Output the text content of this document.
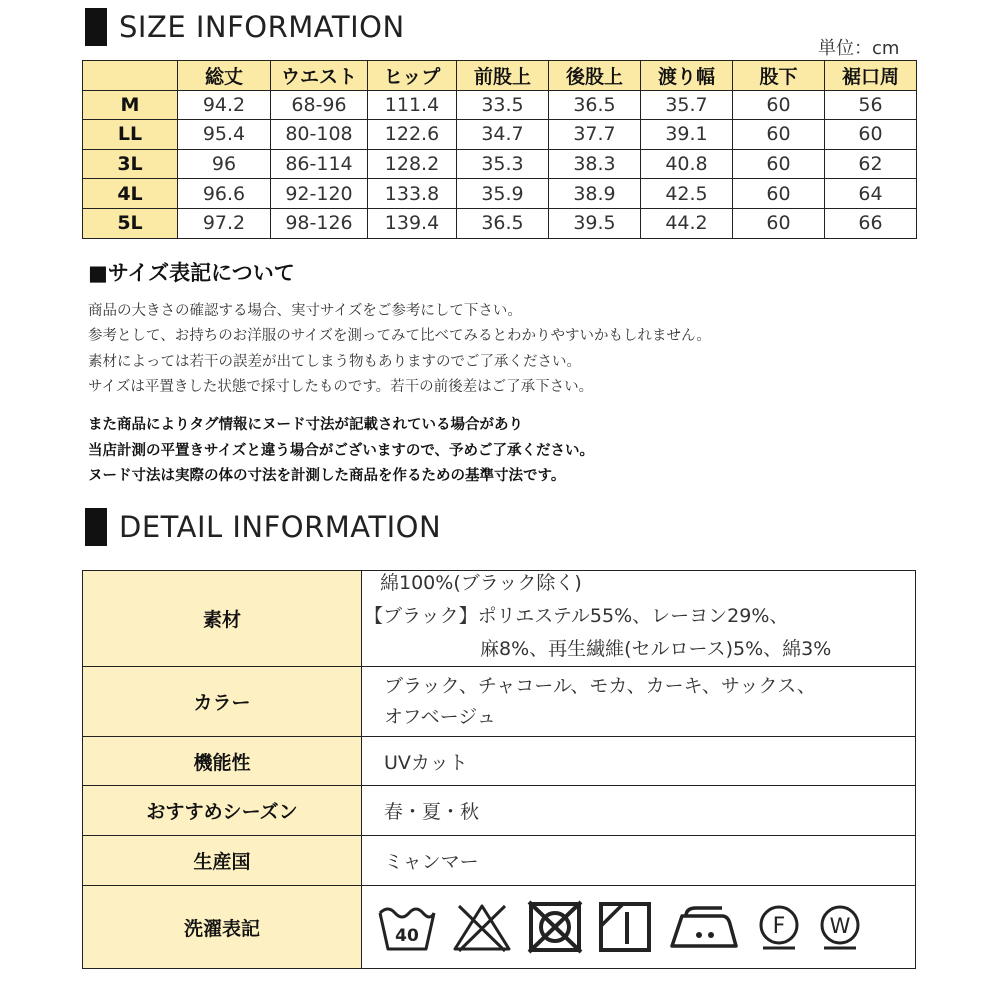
SIZE INFORMATION
単位：cm
	総丈	ウエスト	ヒップ	前股上	後股上	渡り幅	股下	裾口周
M	94.2	68-96	111.4	33.5	36.5	35.7	60	56
LL	95.4	80-108	122.6	34.7	37.7	39.1	60	60
3L	96	86-114	128.2	35.3	38.3	40.8	60	62
4L	96.6	92-120	133.8	35.9	38.9	42.5	60	64
5L	97.2	98-126	139.4	36.5	39.5	44.2	60	66
■サイズ表記について
商品の大きさの確認する場合、実寸サイズをご参考にして下さい。
参考として、お持ちのお洋服のサイズを測ってみて比べてみるとわかりやすいかもしれません。
素材によっては若干の誤差が出てしまう物もありますのでご了承ください。
サイズは平置きした状態で採寸したものです。若干の前後差はご了承下さい。
また商品によりタグ情報にヌード寸法が記載されている場合があり
当店計測の平置きサイズと違う場合がございますので、予めご了承ください。
ヌード寸法は実際の体の寸法を計測した商品を作るための基準寸法です。
DETAIL INFORMATION
素材	綿100%(ブラック除く)
【ブラック】ポリエステル55%、レーヨン29%、
麻8%、再生繊維(セルロース)5%、綿3%

カラー	ブラック、チャコール、モカ、カーキ、サックス、
オフベージュ

機能性	UVカット
おすすめシーズン	春・夏・秋
生産国	ミャンマー
洗濯表記	40 F W
